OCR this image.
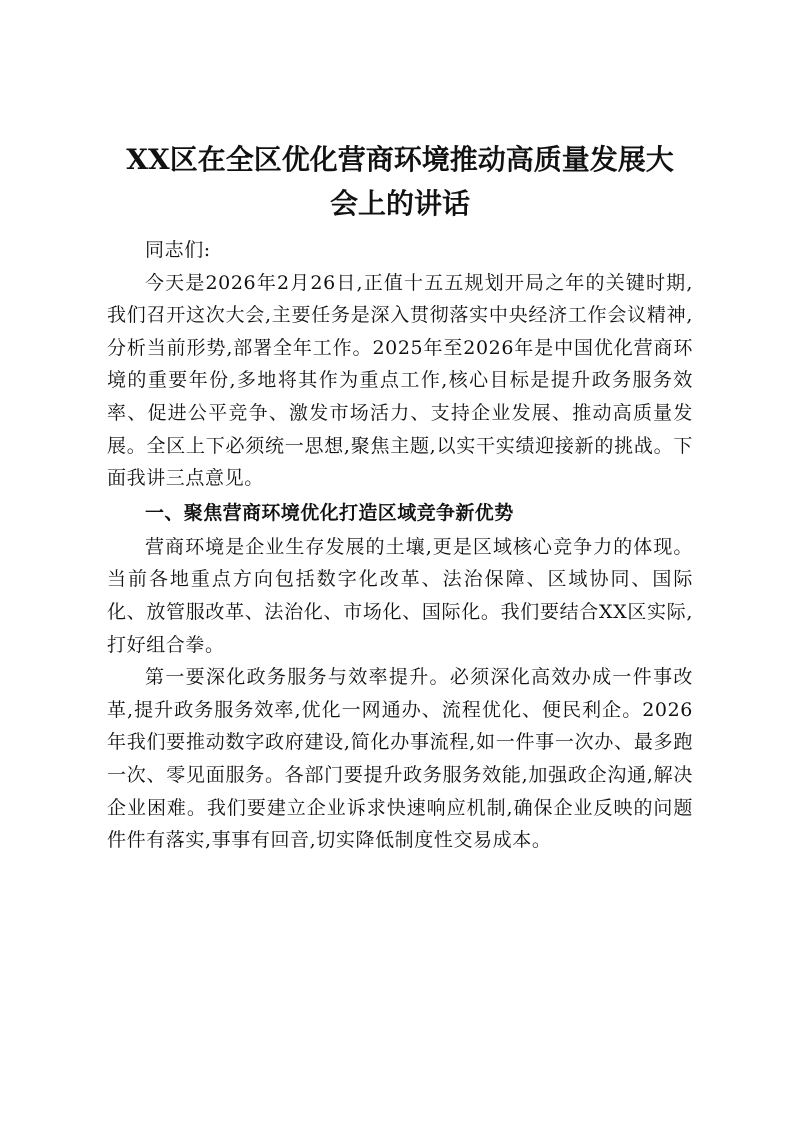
XX区在全区优化营商环境推动高质量发展大
会上的讲话

同志们:

今天是2026年2月26日,正值十五五规划开局之年的关键时期,我们召开这次大会,主要任务是深入贯彻落实中央经济工作会议精神,分析当前形势,部署全年工作。2025年至2026年是中国优化营商环境的重要年份,多地将其作为重点工作,核心目标是提升政务服务效率、促进公平竞争、激发市场活力、支持企业发展、推动高质量发展。全区上下必须统一思想,聚焦主题,以实干实绩迎接新的挑战。下面我讲三点意见。

一、聚焦营商环境优化打造区域竞争新优势

营商环境是企业生存发展的土壤,更是区域核心竞争力的体现。当前各地重点方向包括数字化改革、法治保障、区域协同、国际化、放管服改革、法治化、市场化、国际化。我们要结合XX区实际,打好组合拳。

第一要深化政务服务与效率提升。必须深化高效办成一件事改革,提升政务服务效率,优化一网通办、流程优化、便民利企。2026年我们要推动数字政府建设,简化办事流程,如一件事一次办、最多跑一次、零见面服务。各部门要提升政务服务效能,加强政企沟通,解决企业困难。我们要建立企业诉求快速响应机制,确保企业反映的问题件件有落实,事事有回音,切实降低制度性交易成本。
